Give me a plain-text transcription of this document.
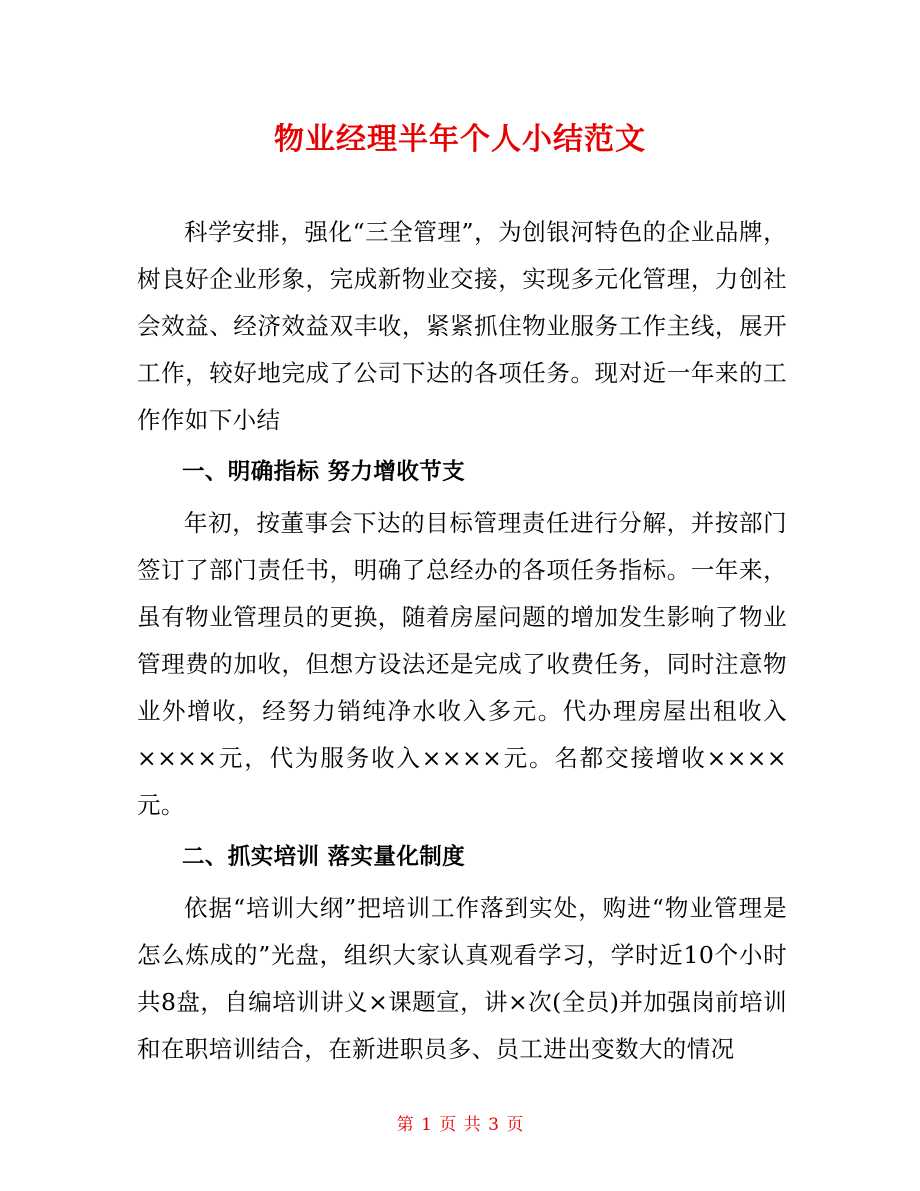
物业经理半年个人小结范文

科学安排，强化“三全管理”，为创银河特色的企业品牌，树良好企业形象，完成新物业交接，实现多元化管理，力创社会效益、经济效益双丰收，紧紧抓住物业服务工作主线，展开工作，较好地完成了公司下达的各项任务。现对近一年来的工作作如下小结

一、明确指标 努力增收节支

年初，按董事会下达的目标管理责任进行分解，并按部门签订了部门责任书，明确了总经办的各项任务指标。一年来，虽有物业管理员的更换，随着房屋问题的增加发生影响了物业管理费的加收，但想方设法还是完成了收费任务，同时注意物业外增收，经努力销纯净水收入多元。代办理房屋出租收入××××元，代为服务收入××××元。名都交接增收××××元。

二、抓实培训 落实量化制度

依据“培训大纲”把培训工作落到实处，购进“物业管理是怎么炼成的”光盘，组织大家认真观看学习，学时近10个小时共8盘，自编培训讲义×课题宣，讲×次(全员)并加强岗前培训和在职培训结合，在新进职员多、员工进出变数大的情况

第 1 页 共 3 页
